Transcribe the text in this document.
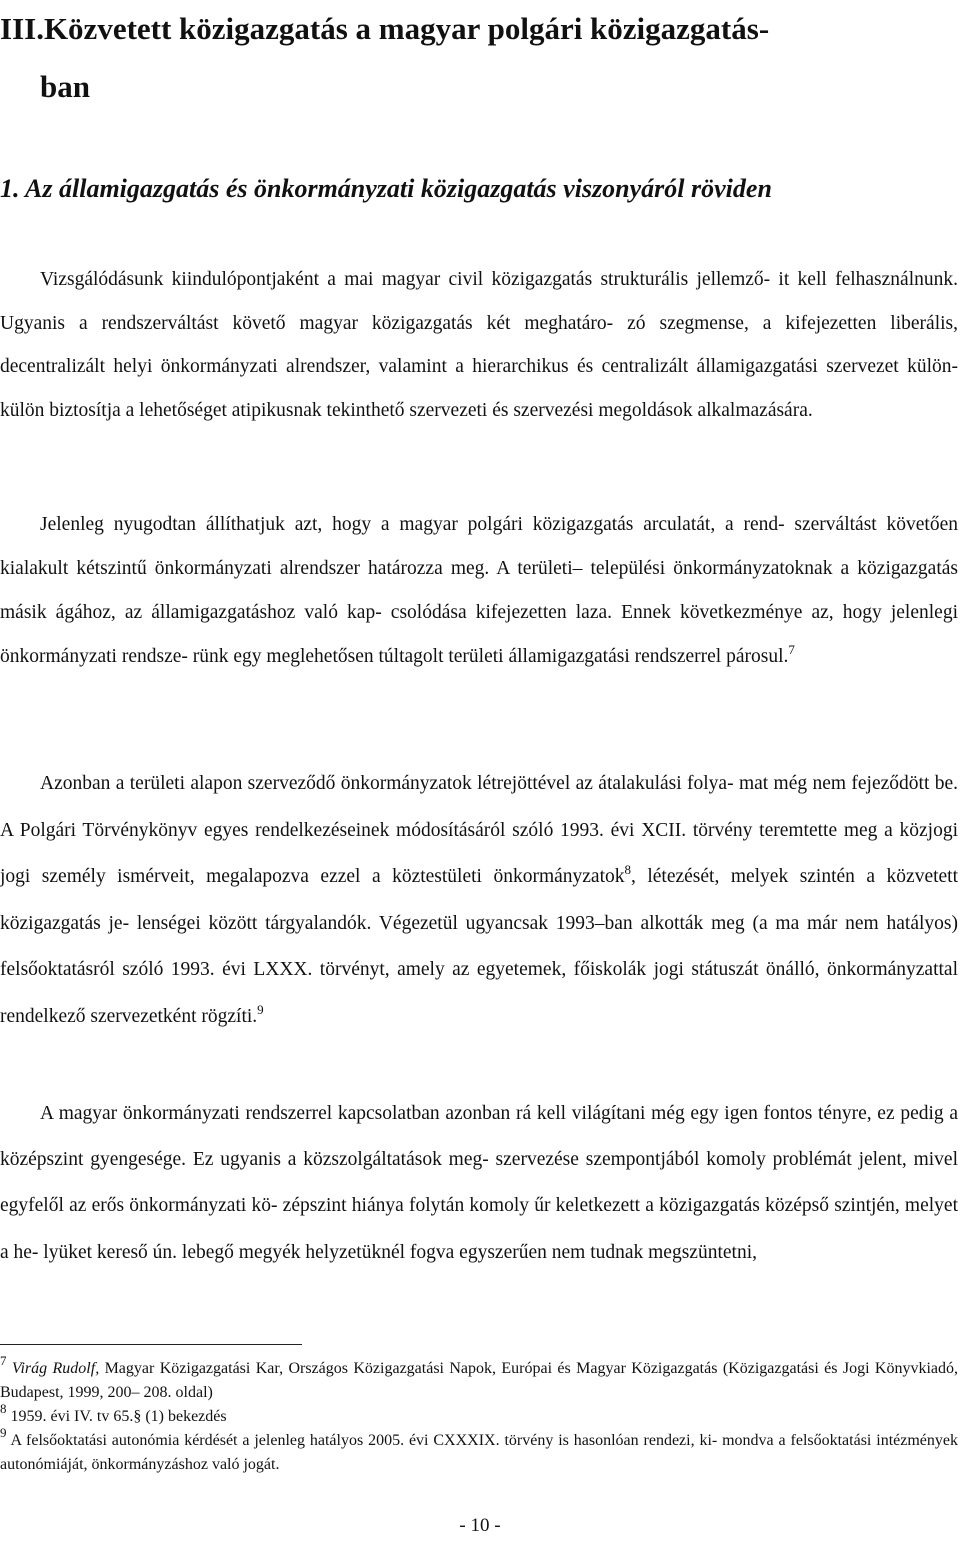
III.Közvetett közigazgatás a magyar polgári közigazgatás-
ban
1. Az államigazgatás és önkormányzati közigazgatás viszonyáról röviden

Vizsgálódásunk kiindulópontjaként a mai magyar civil közigazgatás strukturális jellemző- it kell felhasználnunk. Ugyanis a rendszerváltást követő magyar közigazgatás két meghatáro- zó szegmense, a kifejezetten liberális, decentralizált helyi önkormányzati alrendszer, valamint a hierarchikus és centralizált államigazgatási szervezet külön-külön biztosítja a lehetőséget atipikusnak tekinthető szervezeti és szervezési megoldások alkalmazására.

Jelenleg nyugodtan állíthatjuk azt, hogy a magyar polgári közigazgatás arculatát, a rend- szerváltást követően kialakult kétszintű önkormányzati alrendszer határozza meg. A területi– települési önkormányzatoknak a közigazgatás másik ágához, az államigazgatáshoz való kap- csolódása kifejezetten laza. Ennek következménye az, hogy jelenlegi önkormányzati rendsze- rünk egy meglehetősen túltagolt területi államigazgatási rendszerrel párosul.$^7$

Azonban a területi alapon szerveződő önkormányzatok létrejöttével az átalakulási folya- mat még nem fejeződött be. A Polgári Törvénykönyv egyes rendelkezéseinek módosításáról szóló 1993. évi XCII. törvény teremtette meg a közjogi jogi személy ismérveit, megalapozva ezzel a köztestületi önkormányzatok$^8$, létezését, melyek szintén a közvetett közigazgatás je- lenségei között tárgyalandók. Végezetül ugyancsak 1993–ban alkották meg (a ma már nem hatályos) felsőoktatásról szóló 1993. évi LXXX. törvényt, amely az egyetemek, főiskolák jogi státuszát önálló, önkormányzattal rendelkező szervezetként rögzíti.$^9$

A magyar önkormányzati rendszerrel kapcsolatban azonban rá kell világítani még egy igen fontos tényre, ez pedig a középszint gyengesége. Ez ugyanis a közszolgáltatások meg- szervezése szempontjából komoly problémát jelent, mivel egyfelől az erős önkormányzati kö- zépszint hiánya folytán komoly űr keletkezett a közigazgatás középső szintjén, melyet a he- lyüket kereső ún. lebegő megyék helyzetüknél fogva egyszerűen nem tudnak megszüntetni,

$^7$ Virág Rudolf, Magyar Közigazgatási Kar, Országos Közigazgatási Napok, Európai és Magyar Közigazgatás (Közigazgatási és Jogi Könyvkiadó, Budapest, 1999, 200– 208. oldal)

$^8$ 1959. évi IV. tv 65.§ (1) bekezdés

$^9$ A felsőoktatási autonómia kérdését a jelenleg hatályos 2005. évi CXXXIX. törvény is hasonlóan rendezi, ki- mondva a felsőoktatási intézmények autonómiáját, önkormányzáshoz való jogát.

- 10 -
